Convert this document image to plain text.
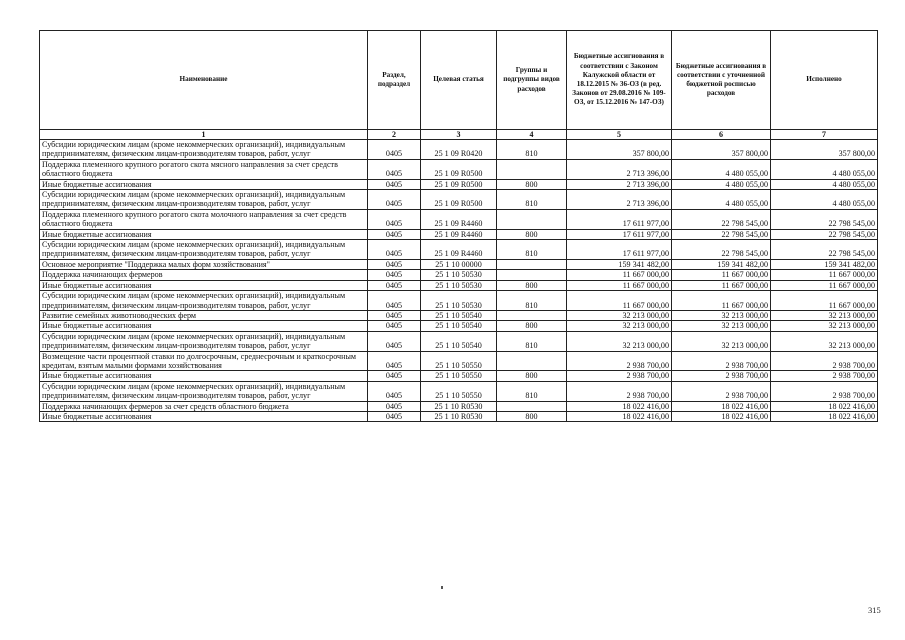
Наименование	Раздел, подраздел	Целевая статья	Группы и подгруппы видов расходов	Бюджетные ассигнования в соответствии с Законом Калужской области от 18.12.2015 № 36-ОЗ (в ред. Законов от 29.08.2016 № 109-ОЗ, от 15.12.2016 № 147-ОЗ)	Бюджетные ассигнования в соответствии с уточненной бюджетной росписью расходов	Исполнено
1	2	3	4	5	6	7
Субсидии юридическим лицам (кроме некоммерческих организаций), индивидуальным предпринимателям, физическим лицам-производителям товаров, работ, услуг	0405	25 1 09 R0420	810	357 800,00	357 800,00	357 800,00
Поддержка племенного крупного рогатого скота мясного направления за счет средств областного бюджета	0405	25 1 09 R0500		2 713 396,00	4 480 055,00	4 480 055,00
Иные бюджетные ассигнования	0405	25 1 09 R0500	800	2 713 396,00	4 480 055,00	4 480 055,00
Субсидии юридическим лицам (кроме некоммерческих организаций), индивидуальным предпринимателям, физическим лицам-производителям товаров, работ, услуг	0405	25 1 09 R0500	810	2 713 396,00	4 480 055,00	4 480 055,00
Поддержка племенного крупного рогатого скота молочного направления за счет средств областного бюджета	0405	25 1 09 R4460		17 611 977,00	22 798 545,00	22 798 545,00
Иные бюджетные ассигнования	0405	25 1 09 R4460	800	17 611 977,00	22 798 545,00	22 798 545,00
Субсидии юридическим лицам (кроме некоммерческих организаций), индивидуальным предпринимателям, физическим лицам-производителям товаров, работ, услуг	0405	25 1 09 R4460	810	17 611 977,00	22 798 545,00	22 798 545,00
Основное мероприятие "Поддержка малых форм хозяйствования"	0405	25 1 10 00000		159 341 482,00	159 341 482,00	159 341 482,00
Поддержка начинающих фермеров	0405	25 1 10 50530		11 667 000,00	11 667 000,00	11 667 000,00
Иные бюджетные ассигнования	0405	25 1 10 50530	800	11 667 000,00	11 667 000,00	11 667 000,00
Субсидии юридическим лицам (кроме некоммерческих организаций), индивидуальным предпринимателям, физическим лицам-производителям товаров, работ, услуг	0405	25 1 10 50530	810	11 667 000,00	11 667 000,00	11 667 000,00
Развитие семейных животноводческих ферм	0405	25 1 10 50540		32 213 000,00	32 213 000,00	32 213 000,00
Иные бюджетные ассигнования	0405	25 1 10 50540	800	32 213 000,00	32 213 000,00	32 213 000,00
Субсидии юридическим лицам (кроме некоммерческих организаций), индивидуальным предпринимателям, физическим лицам-производителям товаров, работ, услуг	0405	25 1 10 50540	810	32 213 000,00	32 213 000,00	32 213 000,00
Возмещение части процентной ставки по долгосрочным, среднесрочным и краткосрочным кредитам, взятым малыми формами хозяйствования	0405	25 1 10 50550		2 938 700,00	2 938 700,00	2 938 700,00
Иные бюджетные ассигнования	0405	25 1 10 50550	800	2 938 700,00	2 938 700,00	2 938 700,00
Субсидии юридическим лицам (кроме некоммерческих организаций), индивидуальным предпринимателям, физическим лицам-производителям товаров, работ, услуг	0405	25 1 10 50550	810	2 938 700,00	2 938 700,00	2 938 700,00
Поддержка начинающих фермеров за счет средств областного бюджета	0405	25 1 10 R0530		18 022 416,00	18 022 416,00	18 022 416,00
Иные бюджетные ассигнования	0405	25 1 10 R0530	800	18 022 416,00	18 022 416,00	18 022 416,00
315
